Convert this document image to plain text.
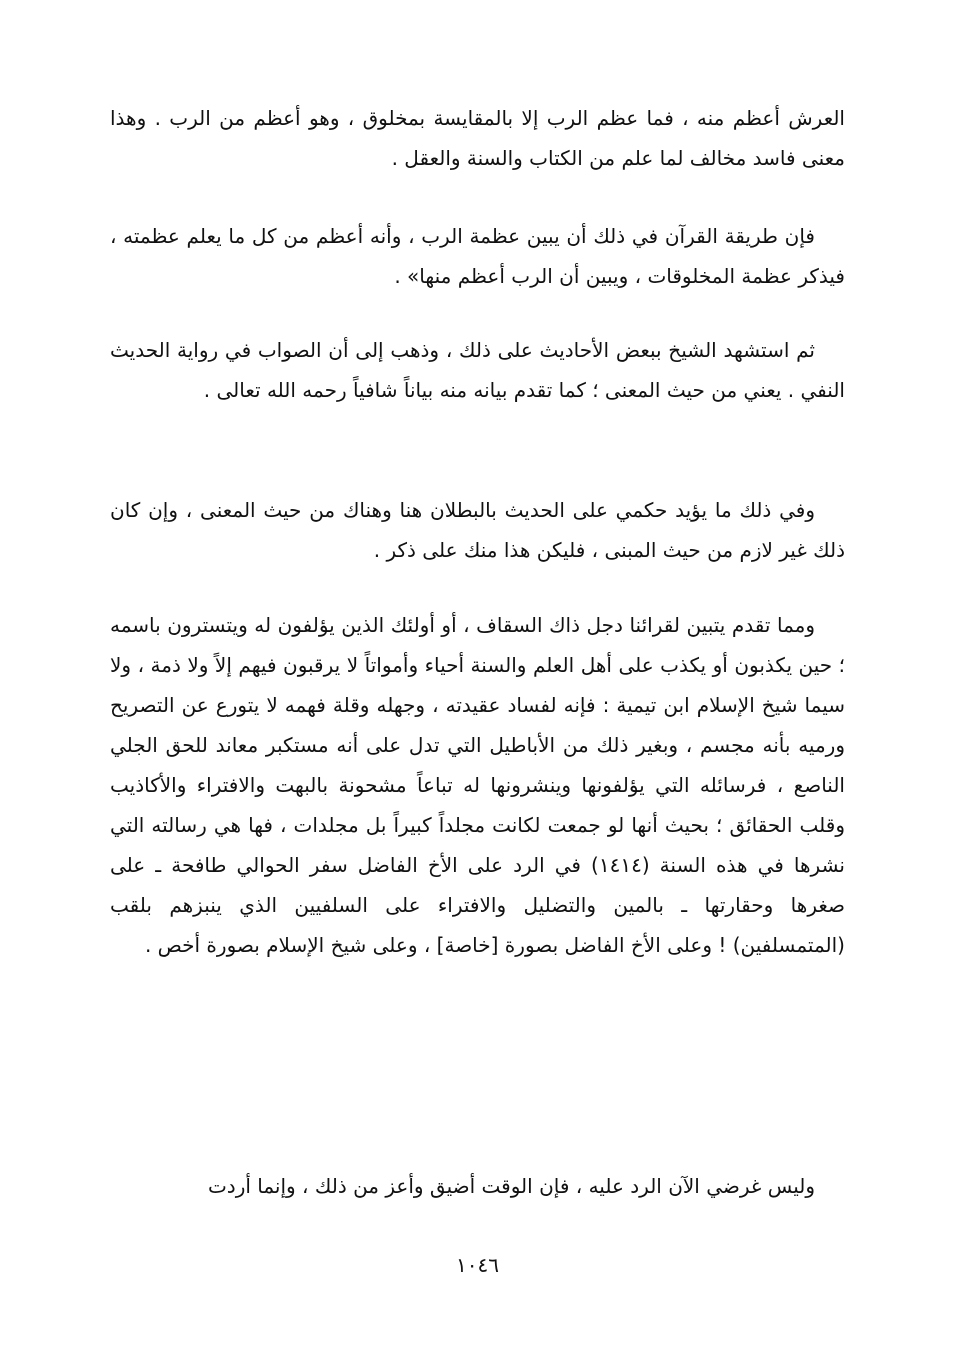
العرش أعظم منه ، فما عظم الرب إلا بالمقايسة بمخلوق ، وهو أعظم من الرب . وهذا معنى فاسد مخالف لما علم من الكتاب والسنة والعقل .

فإن طريقة القرآن في ذلك أن يبين عظمة الرب ، وأنه أعظم من كل ما يعلم عظمته ، فيذكر عظمة المخلوقات ، ويبين أن الرب أعظم منها» .

ثم استشهد الشيخ ببعض الأحاديث على ذلك ، وذهب إلى أن الصواب في رواية الحديث النفي . يعني من حيث المعنى ؛ كما تقدم بيانه منه بياناً شافياً رحمه الله تعالى .

وفي ذلك ما يؤيد حكمي على الحديث بالبطلان هنا وهناك من حيث المعنى ، وإن كان ذلك غير لازم من حيث المبنى ، فليكن هذا منك على ذكر .

ومما تقدم يتبين لقرائنا دجل ذاك السقاف ، أو أولئك الذين يؤلفون له ويتسترون باسمه ؛ حين يكذبون أو يكذب على أهل العلم والسنة أحياء وأمواتاً لا يرقبون فيهم إلاً ولا ذمة ، ولا سيما شيخ الإسلام ابن تيمية : فإنه لفساد عقيدته ، وجهله وقلة فهمه لا يتورع عن التصريح ورميه بأنه مجسم ، وبغير ذلك من الأباطيل التي تدل على أنه مستكبر معاند للحق الجلي الناصع ، فرسائله التي يؤلفونها وينشرونها له تباعاً مشحونة بالبهت والافتراء والأكاذيب وقلب الحقائق ؛ بحيث أنها لو جمعت لكانت مجلداً كبيراً بل مجلدات ، فها هي رسالته التي نشرها في هذه السنة (١٤١٤) في الرد على الأخ الفاضل سفر الحوالي طافحة ـ على صغرها وحقارتها ـ بالمين والتضليل والافتراء على السلفيين الذي ينبزهم بلقب (المتمسلفين) ! وعلى الأخ الفاضل بصورة [خاصة] ، وعلى شيخ الإسلام بصورة أخص .

وليس غرضي الآن الرد عليه ، فإن الوقت أضيق وأعز من ذلك ، وإنما أردت

١٠٤٦
